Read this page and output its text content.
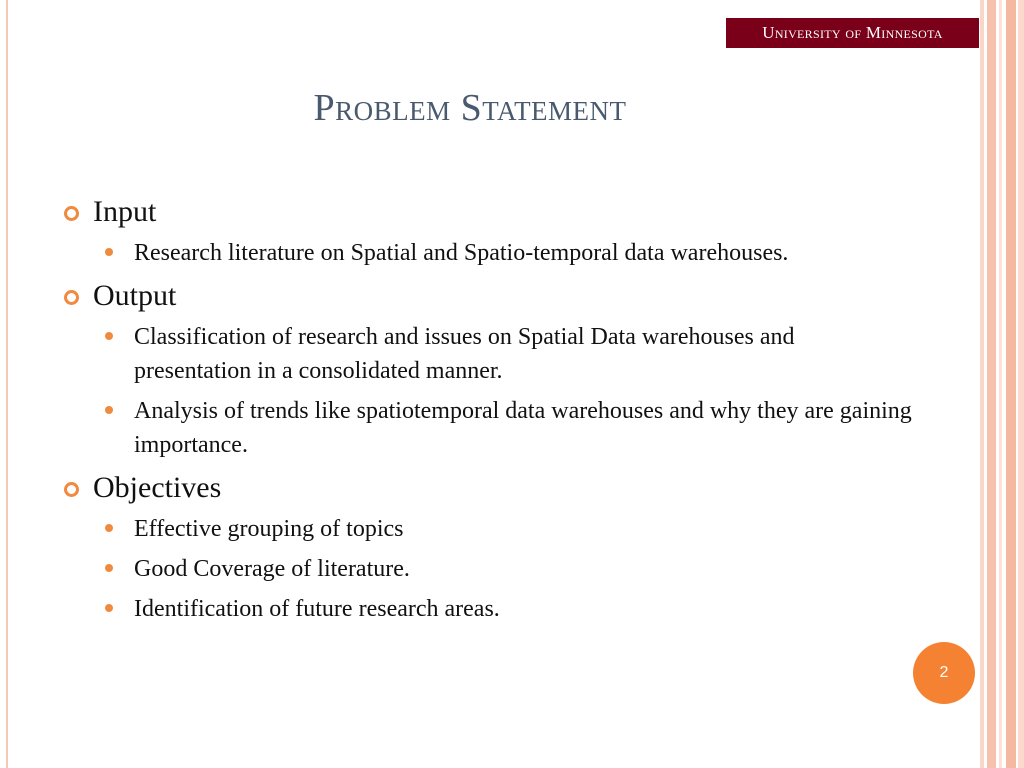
University of Minnesota
Problem Statement
Input
Research literature on Spatial and Spatio-temporal data warehouses.
Output
Classification of research and issues on Spatial Data warehouses and presentation in a consolidated manner.
Analysis of trends like spatiotemporal data warehouses and why they are gaining importance.
Objectives
Effective grouping of topics
Good Coverage of literature.
Identification of future research areas.
2
